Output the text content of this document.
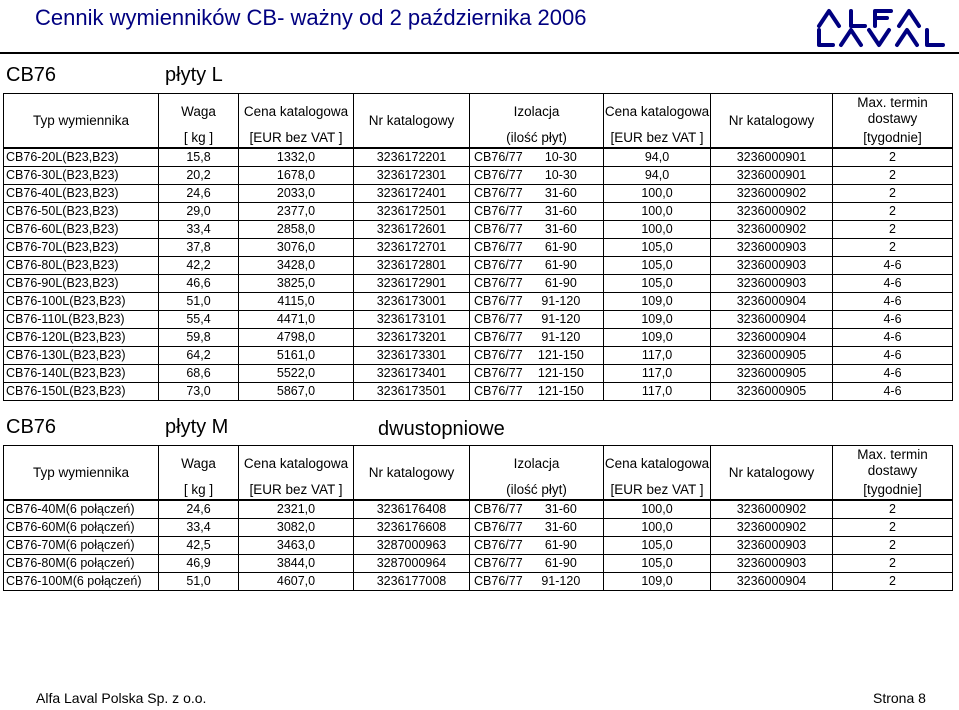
Cennik wymienników CB- ważny od 2 października 2006
CB76	płyty L
Typ wymiennika	Waga	Cena katalogowa	Nr katalogowy	Izolacja	Cena katalogowa	Nr katalogowy	Max. termin
dostawy

	[ kg ]	[EUR bez VAT ]		(ilość płyt)	[EUR bez VAT ]		[tygodnie]
CB76-20L(B23,B23)	15,8	1332,0	3236172201	CB76/77 10-30	94,0	3236000901	2
CB76-30L(B23,B23)	20,2	1678,0	3236172301	CB76/77 10-30	94,0	3236000901	2
CB76-40L(B23,B23)	24,6	2033,0	3236172401	CB76/77 31-60	100,0	3236000902	2
CB76-50L(B23,B23)	29,0	2377,0	3236172501	CB76/77 31-60	100,0	3236000902	2
CB76-60L(B23,B23)	33,4	2858,0	3236172601	CB76/77 31-60	100,0	3236000902	2
CB76-70L(B23,B23)	37,8	3076,0	3236172701	CB76/77 61-90	105,0	3236000903	2
CB76-80L(B23,B23)	42,2	3428,0	3236172801	CB76/77 61-90	105,0	3236000903	4-6
CB76-90L(B23,B23)	46,6	3825,0	3236172901	CB76/77 61-90	105,0	3236000903	4-6
CB76-100L(B23,B23)	51,0	4115,0	3236173001	CB76/77 91-120	109,0	3236000904	4-6
CB76-110L(B23,B23)	55,4	4471,0	3236173101	CB76/77 91-120	109,0	3236000904	4-6
CB76-120L(B23,B23)	59,8	4798,0	3236173201	CB76/77 91-120	109,0	3236000904	4-6
CB76-130L(B23,B23)	64,2	5161,0	3236173301	CB76/77 121-150	117,0	3236000905	4-6
CB76-140L(B23,B23)	68,6	5522,0	3236173401	CB76/77 121-150	117,0	3236000905	4-6
CB76-150L(B23,B23)	73,0	5867,0	3236173501	CB76/77 121-150	117,0	3236000905	4-6
CB76	płyty M	dwustopniowe
Typ wymiennika	Waga	Cena katalogowa	Nr katalogowy	Izolacja	Cena katalogowa	Nr katalogowy	Max. termin
dostawy

	[ kg ]	[EUR bez VAT ]		(ilość płyt)	[EUR bez VAT ]		[tygodnie]
CB76-40M(6 połączeń)	24,6	2321,0	3236176408	CB76/77 31-60	100,0	3236000902	2
CB76-60M(6 połączeń)	33,4	3082,0	3236176608	CB76/77 31-60	100,0	3236000902	2
CB76-70M(6 połączeń)	42,5	3463,0	3287000963	CB76/77 61-90	105,0	3236000903	2
CB76-80M(6 połączeń)	46,9	3844,0	3287000964	CB76/77 61-90	105,0	3236000903	2
CB76-100M(6 połączeń)	51,0	4607,0	3236177008	CB76/77 91-120	109,0	3236000904	2
Alfa Laval Polska Sp. z o.o.	Strona 8
